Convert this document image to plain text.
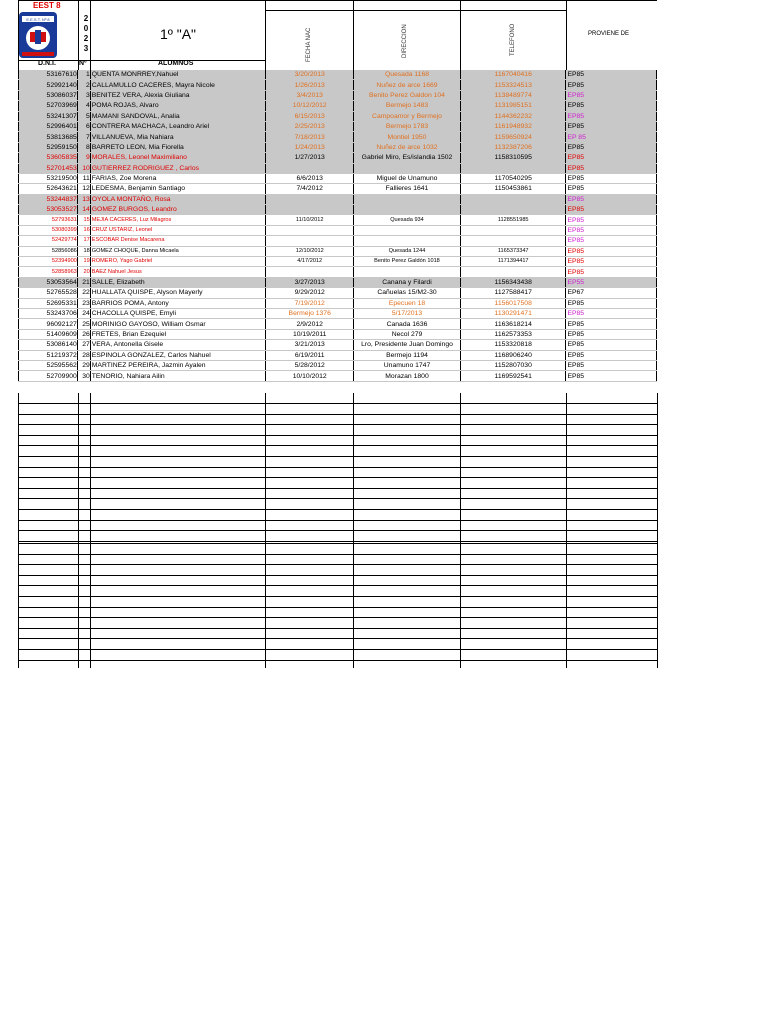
EEST 8
E.E.S.T. Nº 8	2
0
2
3
1º "A"	FECHA NAC	DIRECCION	TELEFONO	PROVIENE DE
D.N.I.	Nº	ALUMNOS
53167610	1	QUENTA MONRREY,Nahuel	3/20/2013	Quesada 1168	1167040416	EP85
52992140	2	CALLAMULLO CACERES, Mayra Nicole	1/26/2013	Nuñez de arce 1669	1153324513	EP85
53086037	3	BENITEZ VERA, Alexia Giuliana	3/4/2013	Benito Perez Galdon 104	1138489774	EP85
52703969	4	POMA ROJAS, Alvaro	10/12/2012	Bermejo 1483	1131985151	EP85
53241307	5	MAMANI SANDOVAL, Analia	6/15/2013	Campoamor y Bermejo	1144362232	EP85
52996401	6	CONTRERA MACHACA, Leandro Ariel	2/25/2013	Bermejo 1783	1161948932	EP85
53813685	7	VILLANUEVA, Mia Nahiara	7/18/2013	Montiel 1950	1159650924	EP 85
52959150	8	BARRETO LEON, Mia Fiorella	1/24/2013	Nuñez de arce 1032	1132387206	EP85
53605835	9	MORALES, Leonel Maximiliano	1/27/2013	Gabriel Miro, Es/islandia 1502	1158310595	EP85
52701453	10	GUTIERREZ RODRIGUEZ , Carlos				EP85
53219500	11	FARIAS, Zoe Morena	6/6/2013	Miguel de Unamuno	1170540295	EP85
52643621	12	LEDESMA, Benjamin Santiago	7/4/2012	Fallieres 1641	1150453861	EP85
53244837	13	OYOLA MONTAÑO, Rosa				EP85
53053527	14	GOMEZ BURGOS, Leandro				EP85
52793631	15	MEJIA CACERES, Luz Milagros	11/10/2012	Quesada 934	1128551985	EP85
53080399	16	CRUZ USTARIZ, Leonel				EP85
52429774	17	ESCOBAR Denise Macarena				EP85
52856086	18	GOMEZ CHOQUE, Danna Micaela	12/10/2012	Quesada 1244	1165373347	EP85
52394900	19	ROMERO, Yago Gabriel	4/17/2012	Benito Perez Galdón 1018	1171394417	EP85
52858963	20	BAEZ Nahuel Jesus				EP85
53053564	21	SALLE, Elizabeth	3/27/2013	Canana y Filardi	1156343438	EP55
52765528	22	HUALLATA QUISPE, Alyson Mayerly	9/29/2012	Cañuelas 15/M2-30	1127588417	EP67
52695331	23	BARRIOS POMA, Antony	7/19/2012	Epecuen 18	1156017508	EP85
53243706	24	CHACOLLA QUISPE, Emyli	Bermejo 1376	5/17/2013	1130291471	EP85
96092127	25	MORINIGO GAYOSO, William Osmar	2/9/2012	Canada 1636	1163618214	EP85
51409609	26	FRETES, Brian Ezequiel	10/19/2011	Necol 279	1162573353	EP85
53086140	27	VERA, Antonella Gisele	3/21/2013	Lro, Presidente Juan Domingo	1153320818	EP85
51219372	28	ESPINOLA GONZALEZ, Carlos Nahuel	6/19/2011	Bermejo 1194	1168906240	EP85
52595562	29	MARTINEZ PEREIRA, Jazmin Ayalen	5/28/2012	Unamuno 1747	1152807030	EP85
52709900	30	TENORIO, Nahiara Ailin	10/10/2012	Morazan 1800	1169592541	EP85
